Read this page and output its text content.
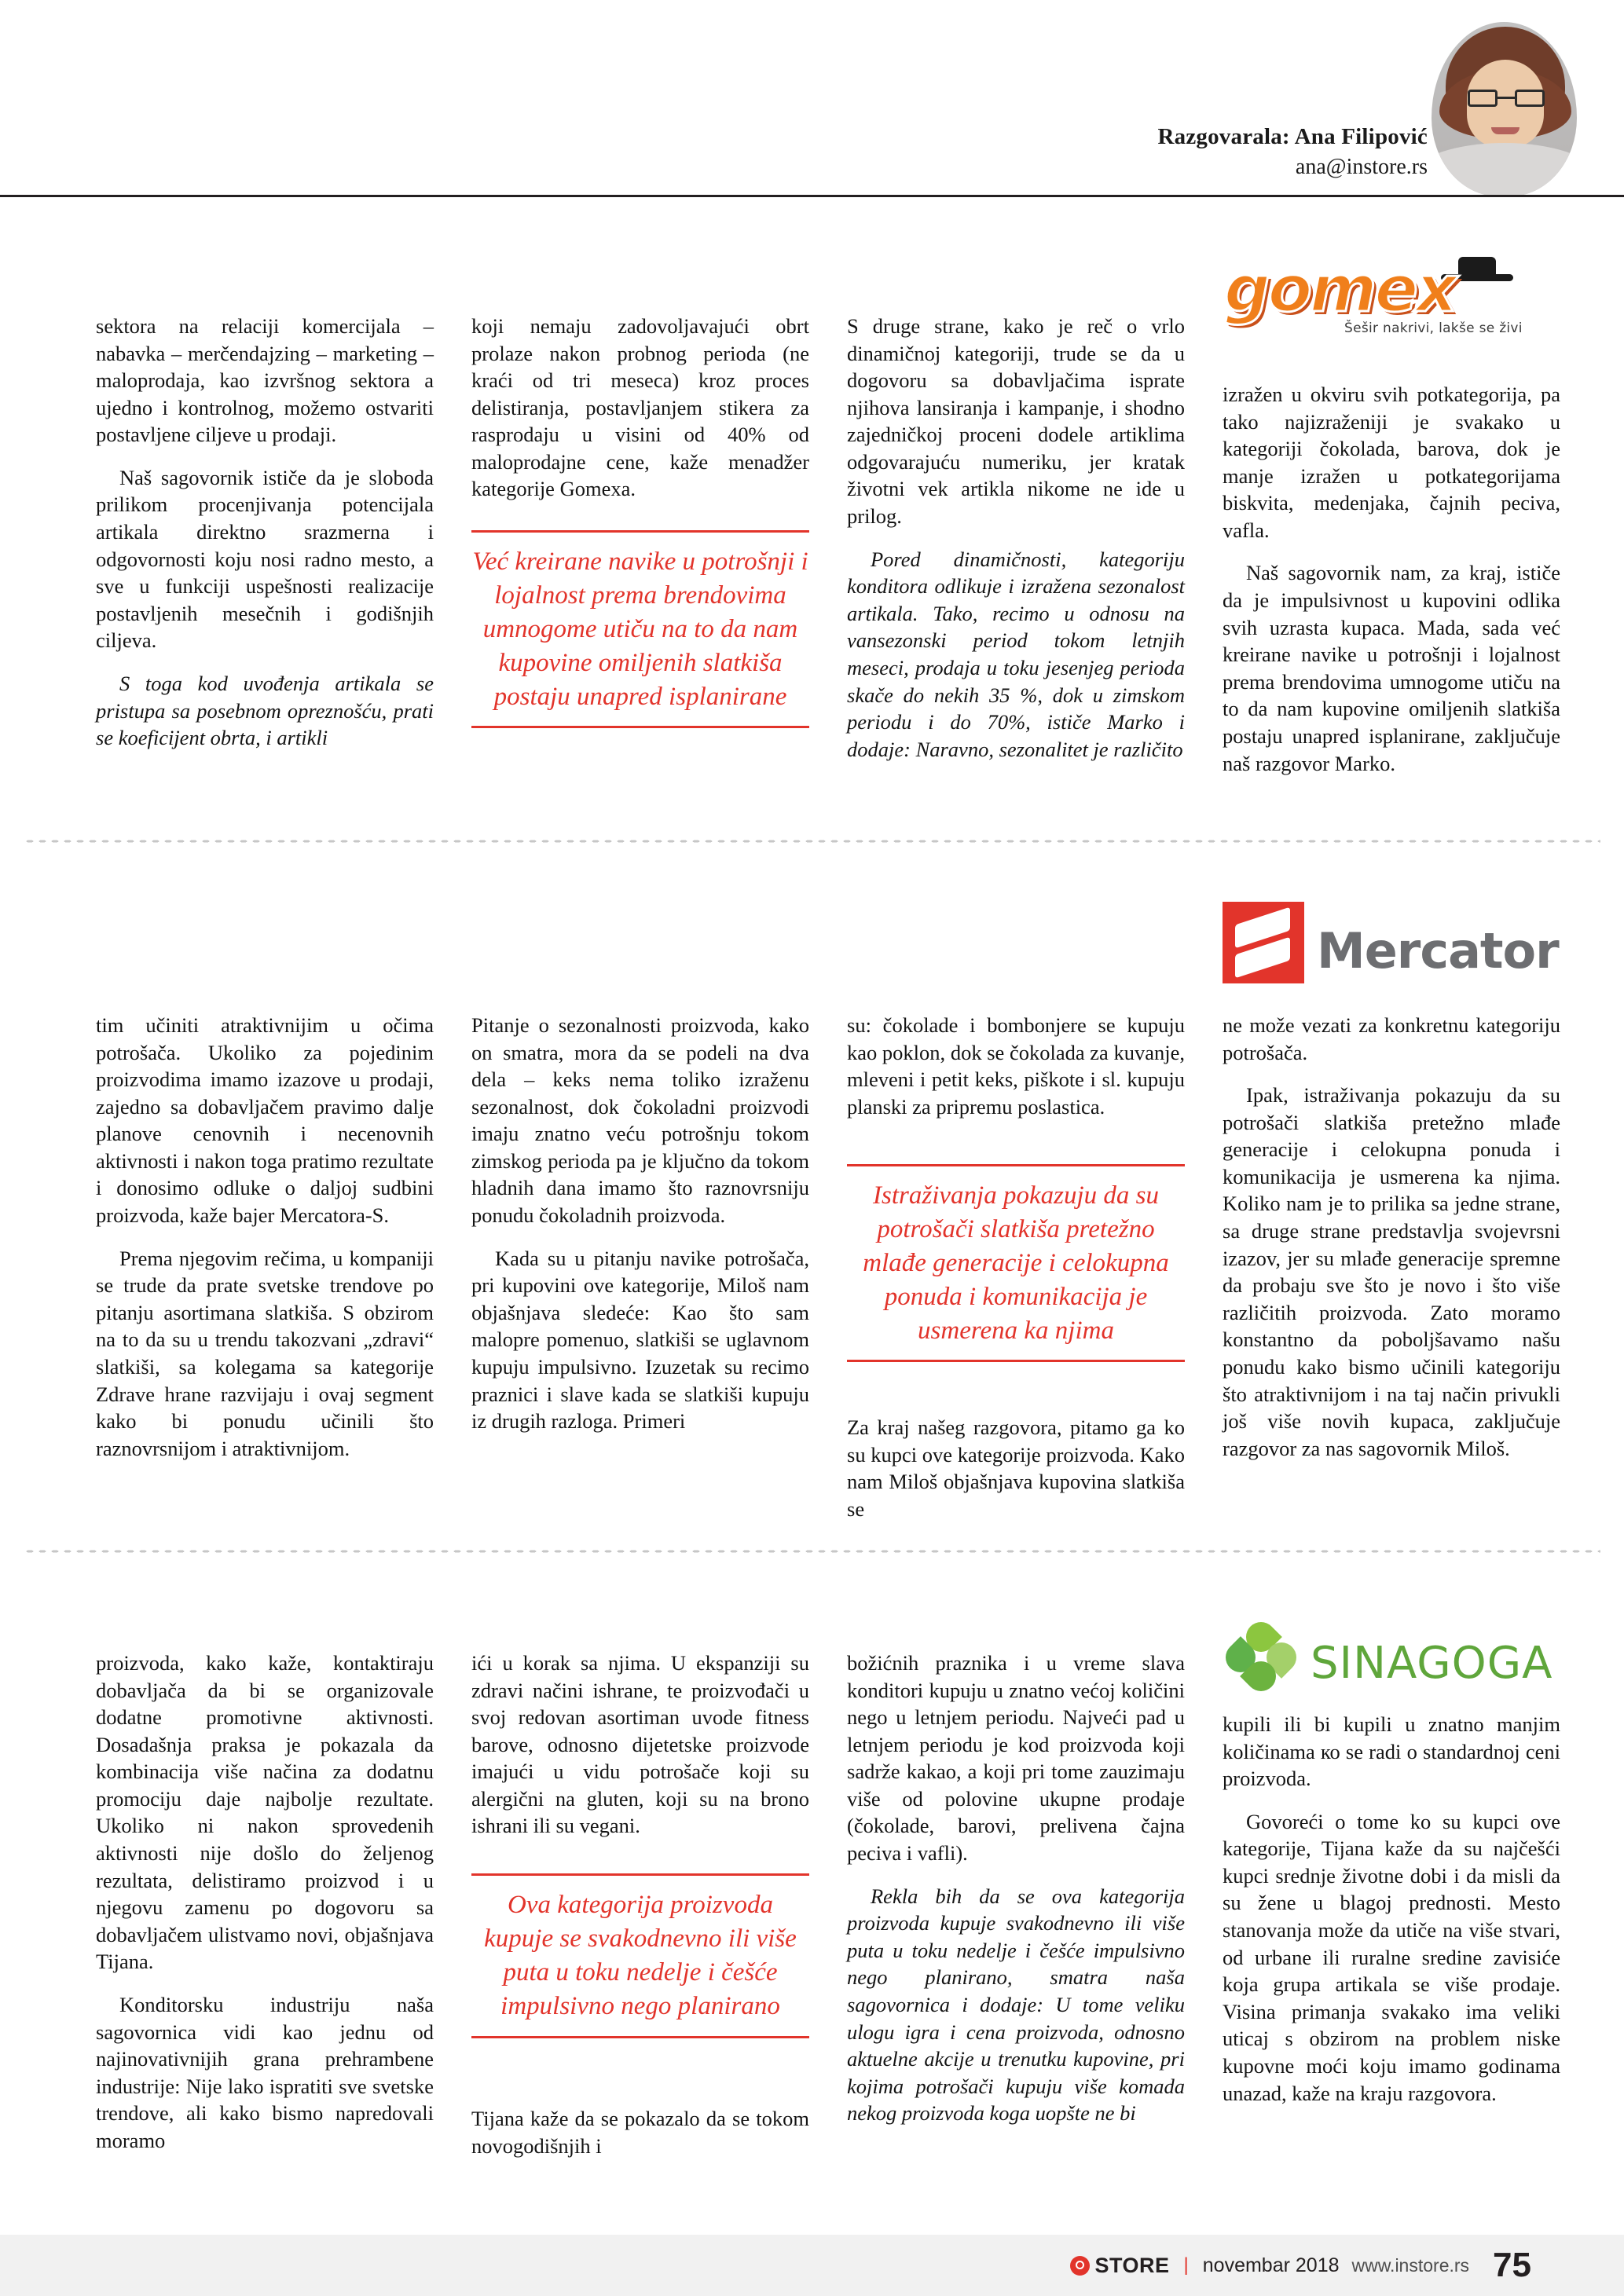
Razgovarala: Ana Filipović
ana@instore.rs
gomex
Šešir nakrivi, lakše se živi

sektora na relaciji komercijala – nabavka – merčendajzing – marketing – maloprodaja, kao izvršnog sektora a ujedno i kontrolnog, možemo ostvariti postavljene ciljeve u prodaji.

Naš sagovornik ističe da je sloboda prilikom procenjivanja potencijala artikala direktno srazmerna i odgovornosti koju nosi radno mesto, a sve u funkciji uspešnosti realizacije postavljenih mesečnih i godišnjih ciljeva.

S toga kod uvođenja artikala se pristupa sa posebnom opreznošću, prati se koeficijent obrta, i artikli

koji nemaju zadovoljavajući obrt prolaze nakon probnog perioda (ne kraći od tri meseca) kroz proces delistiranja, postavljanjem stikera za rasprodaju u visini od 40% od maloprodajne cene, kaže menadžer kategorije Gomexa.

Već kreirane navike u potrošnji i lojalnost prema brendovima umnogome utiču na to da nam kupovine omiljenih slatkiša postaju unapred isplanirane

S druge strane, kako je reč o vrlo dinamičnoj kategoriji, trude se da u dogovoru sa dobavljačima isprate njihova lansiranja i kampanje, i shodno zajedničkoj proceni dodele artiklima odgovarajuću numeriku, jer kratak životni vek artikla nikome ne ide u prilog.

Pored dinamičnosti, kategoriju konditora odlikuje i izražena sezonalost artikala. Tako, recimo u odnosu na vansezonski period tokom letnjih meseci, prodaja u toku jesenjeg perioda skače do nekih 35 %, dok u zimskom periodu i do 70%, ističe Marko i dodaje: Naravno, sezonalitet je različito

izražen u okviru svih potkategorija, pa tako najizraženiji je svakako u kategoriji čokolada, barova, dok je manje izražen u potkategorijama biskvita, medenjaka, čajnih peciva, vafla.

Naš sagovornik nam, za kraj, ističe da je impulsivnost u kupovini odlika svih uzrasta kupaca. Mada, sada već kreirane navike u potrošnji i lojalnost prema brendovima umnogome utiču na to da nam kupovine omiljenih slatkiša postaju unapred isplanirane, zaključuje naš razgovor Marko.

Mercator

tim učiniti atraktivnijim u očima potrošača. Ukoliko za pojedinim proizvodima imamo izazove u prodaji, zajedno sa dobavljačem pravimo dalje planove cenovnih i necenovnih aktivnosti i nakon toga pratimo rezultate i donosimo odluke o daljoj sudbini proizvoda, kaže bajer Mercatora-S.

Prema njegovim rečima, u kompaniji se trude da prate svetske trendove po pitanju asortimana slatkiša. S obzirom na to da su u trendu takozvani „zdravi“ slatkiši, sa kolegama sa kategorije Zdrave hrane razvijaju i ovaj segment kako bi ponudu učinili što raznovrsnijom i atraktivnijom.

Pitanje o sezonalnosti proizvoda, kako on smatra, mora da se podeli na dva dela – keks nema toliko izraženu sezonalnost, dok čokoladni proizvodi imaju znatno veću potrošnju tokom zimskog perioda pa je ključno da tokom hladnih dana imamo što raznovrsniju ponudu čokoladnih proizvoda.

Kada su u pitanju navike potrošača, pri kupovini ove kategorije, Miloš nam objašnjava sledeće: Kao što sam malopre pomenuo, slatkiši se uglavnom kupuju impulsivno. Izuzetak su recimo praznici i slave kada se slatkiši kupuju iz drugih razloga. Primeri

su: čokolade i bombonjere se kupuju kao poklon, dok se čokolada za kuvanje, mleveni i petit keks, piškote i sl. kupuju planski za pripremu poslastica.

Istraživanja pokazuju da su potrošači slatkiša pretežno mlađe generacije i celokupna ponuda i komunikacija je usmerena ka njima

Za kraj našeg razgovora, pitamo ga ko su kupci ove kategorije proizvoda. Kako nam Miloš objašnjava kupovina slatkiša se

ne može vezati za konkretnu kategoriju potrošača.

Ipak, istraživanja pokazuju da su potrošači slatkiša pretežno mlađe generacije i celokupna ponuda i komunikacija je usmerena ka njima. Koliko nam je to prilika sa jedne strane, sa druge strane predstavlja svojevrsni izazov, jer su mlađe generacije spremne da probaju sve što je novo i što više različitih proizvoda. Zato moramo konstantno da poboljšavamo našu ponudu kako bismo učinili kategoriju što atraktivnijom i na taj način privukli još više novih kupaca, zaključuje razgovor za nas sagovornik Miloš.

SINAGOGA

proizvoda, kako kaže, kontaktiraju dobavljača da bi se organizovale dodatne promotivne aktivnosti. Dosadašnja praksa je pokazala da kombinacija više načina za dodatnu promociju daje najbolje rezultate. Ukoliko ni nakon sprovedenih aktivnosti nije došlo do željenog rezultata, delistiramo proizvod i u njegovu zamenu po dogovoru sa dobavljačem ulistvamo novi, objašnjava Tijana.

Konditorsku industriju naša sagovornica vidi kao jednu od najinovativnijih grana prehrambene industrije: Nije lako ispratiti sve svetske trendove, ali kako bismo napredovali moramo

ići u korak sa njima. U ekspanziji su zdravi načini ishrane, te proizvođači u svoj redovan asortiman uvode fitness barove, odnosno dijetetske proizvode imajući u vidu potrošače koji su alergični na gluten, koji su na brono ishrani ili su vegani.

Ova kategorija proizvoda kupuje se svakodnevno ili više puta u toku nedelje i češće impulsivno nego planirano

Tijana kaže da se pokazalo da se tokom novogodišnjih i

božićnih praznika i u vreme slava konditori kupuju u znatno većoj količini nego u letnjem periodu. Najveći pad u letnjem periodu je kod proizvoda koji sadrže kakao, a koji pri tome zauzimaju više od polovine ukupne prodaje (čokolade, barovi, prelivena čajna peciva i vafli).

Rekla bih da se ova kategorija proizvoda kupuje svakodnevno ili više puta u toku nedelje i češće impulsivno nego planirano, smatra naša sagovornica i dodaje: U tome veliku ulogu igra i cena proizvoda, odnosno aktuelne akcije u trenutku kupovine, pri kojima potrošači kupuju više komada nekog proizvoda koga uopšte ne bi

kupili ili bi kupili u znatno manjim količinama ко se radi o standardnoj ceni proizvoda.

Govoreći o tome ko su kupci ove kategorije, Tijana kaže da su najčešći kupci srednje životne dobi i da misli da su žene u blagoj prednosti. Mesto stanovanja može da utiče na više stvari, od urbane ili ruralne sredine zavisiće koja grupa artikala se više prodaje. Visina primanja svakako ima veliki uticaj s obzirom na problem niske kupovne moći koju imamo godinama unazad, kaže na kraju razgovora.

STORE | novembar 2018 www.instore.rs 75
